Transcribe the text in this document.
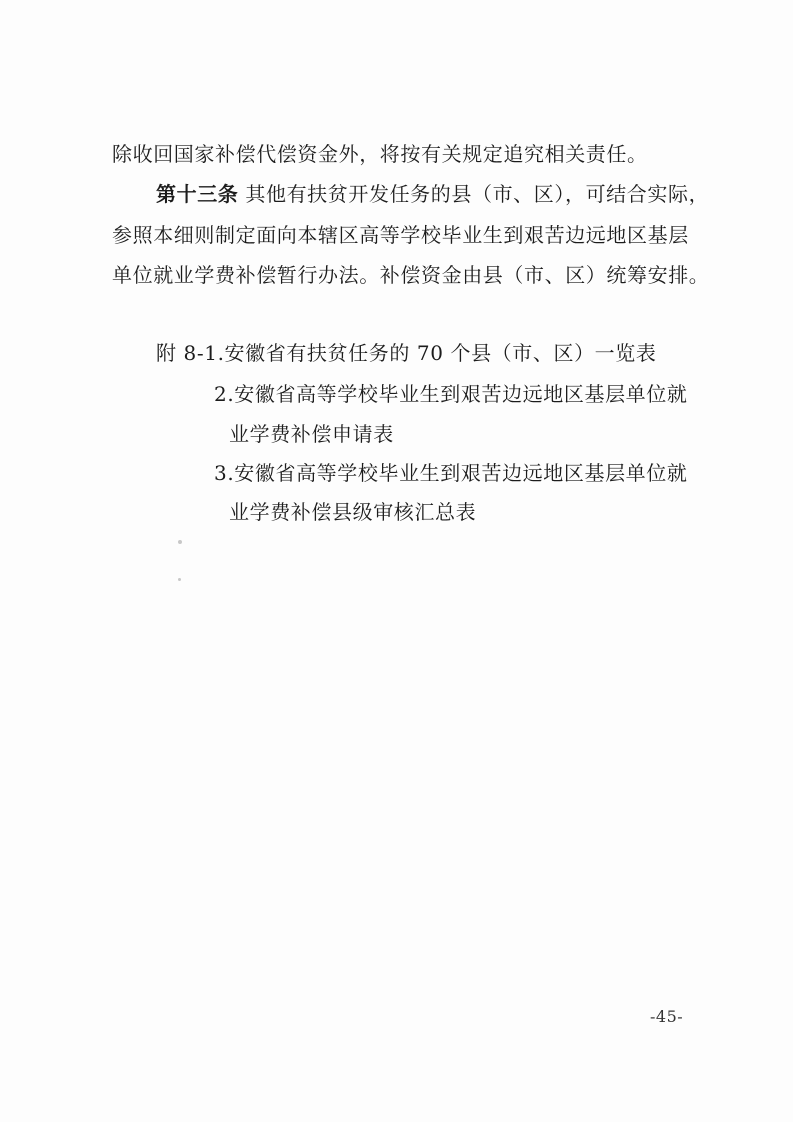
除收回国家补偿代偿资金外，将按有关规定追究相关责任。
第十三条 其他有扶贫开发任务的县（市、区），可结合实际，
参照本细则制定面向本辖区高等学校毕业生到艰苦边远地区基层
单位就业学费补偿暂行办法。补偿资金由县（市、区）统筹安排。
附 8-1.安徽省有扶贫任务的 70 个县（市、区）一览表
2.安徽省高等学校毕业生到艰苦边远地区基层单位就
业学费补偿申请表
3.安徽省高等学校毕业生到艰苦边远地区基层单位就
业学费补偿县级审核汇总表
-45-
